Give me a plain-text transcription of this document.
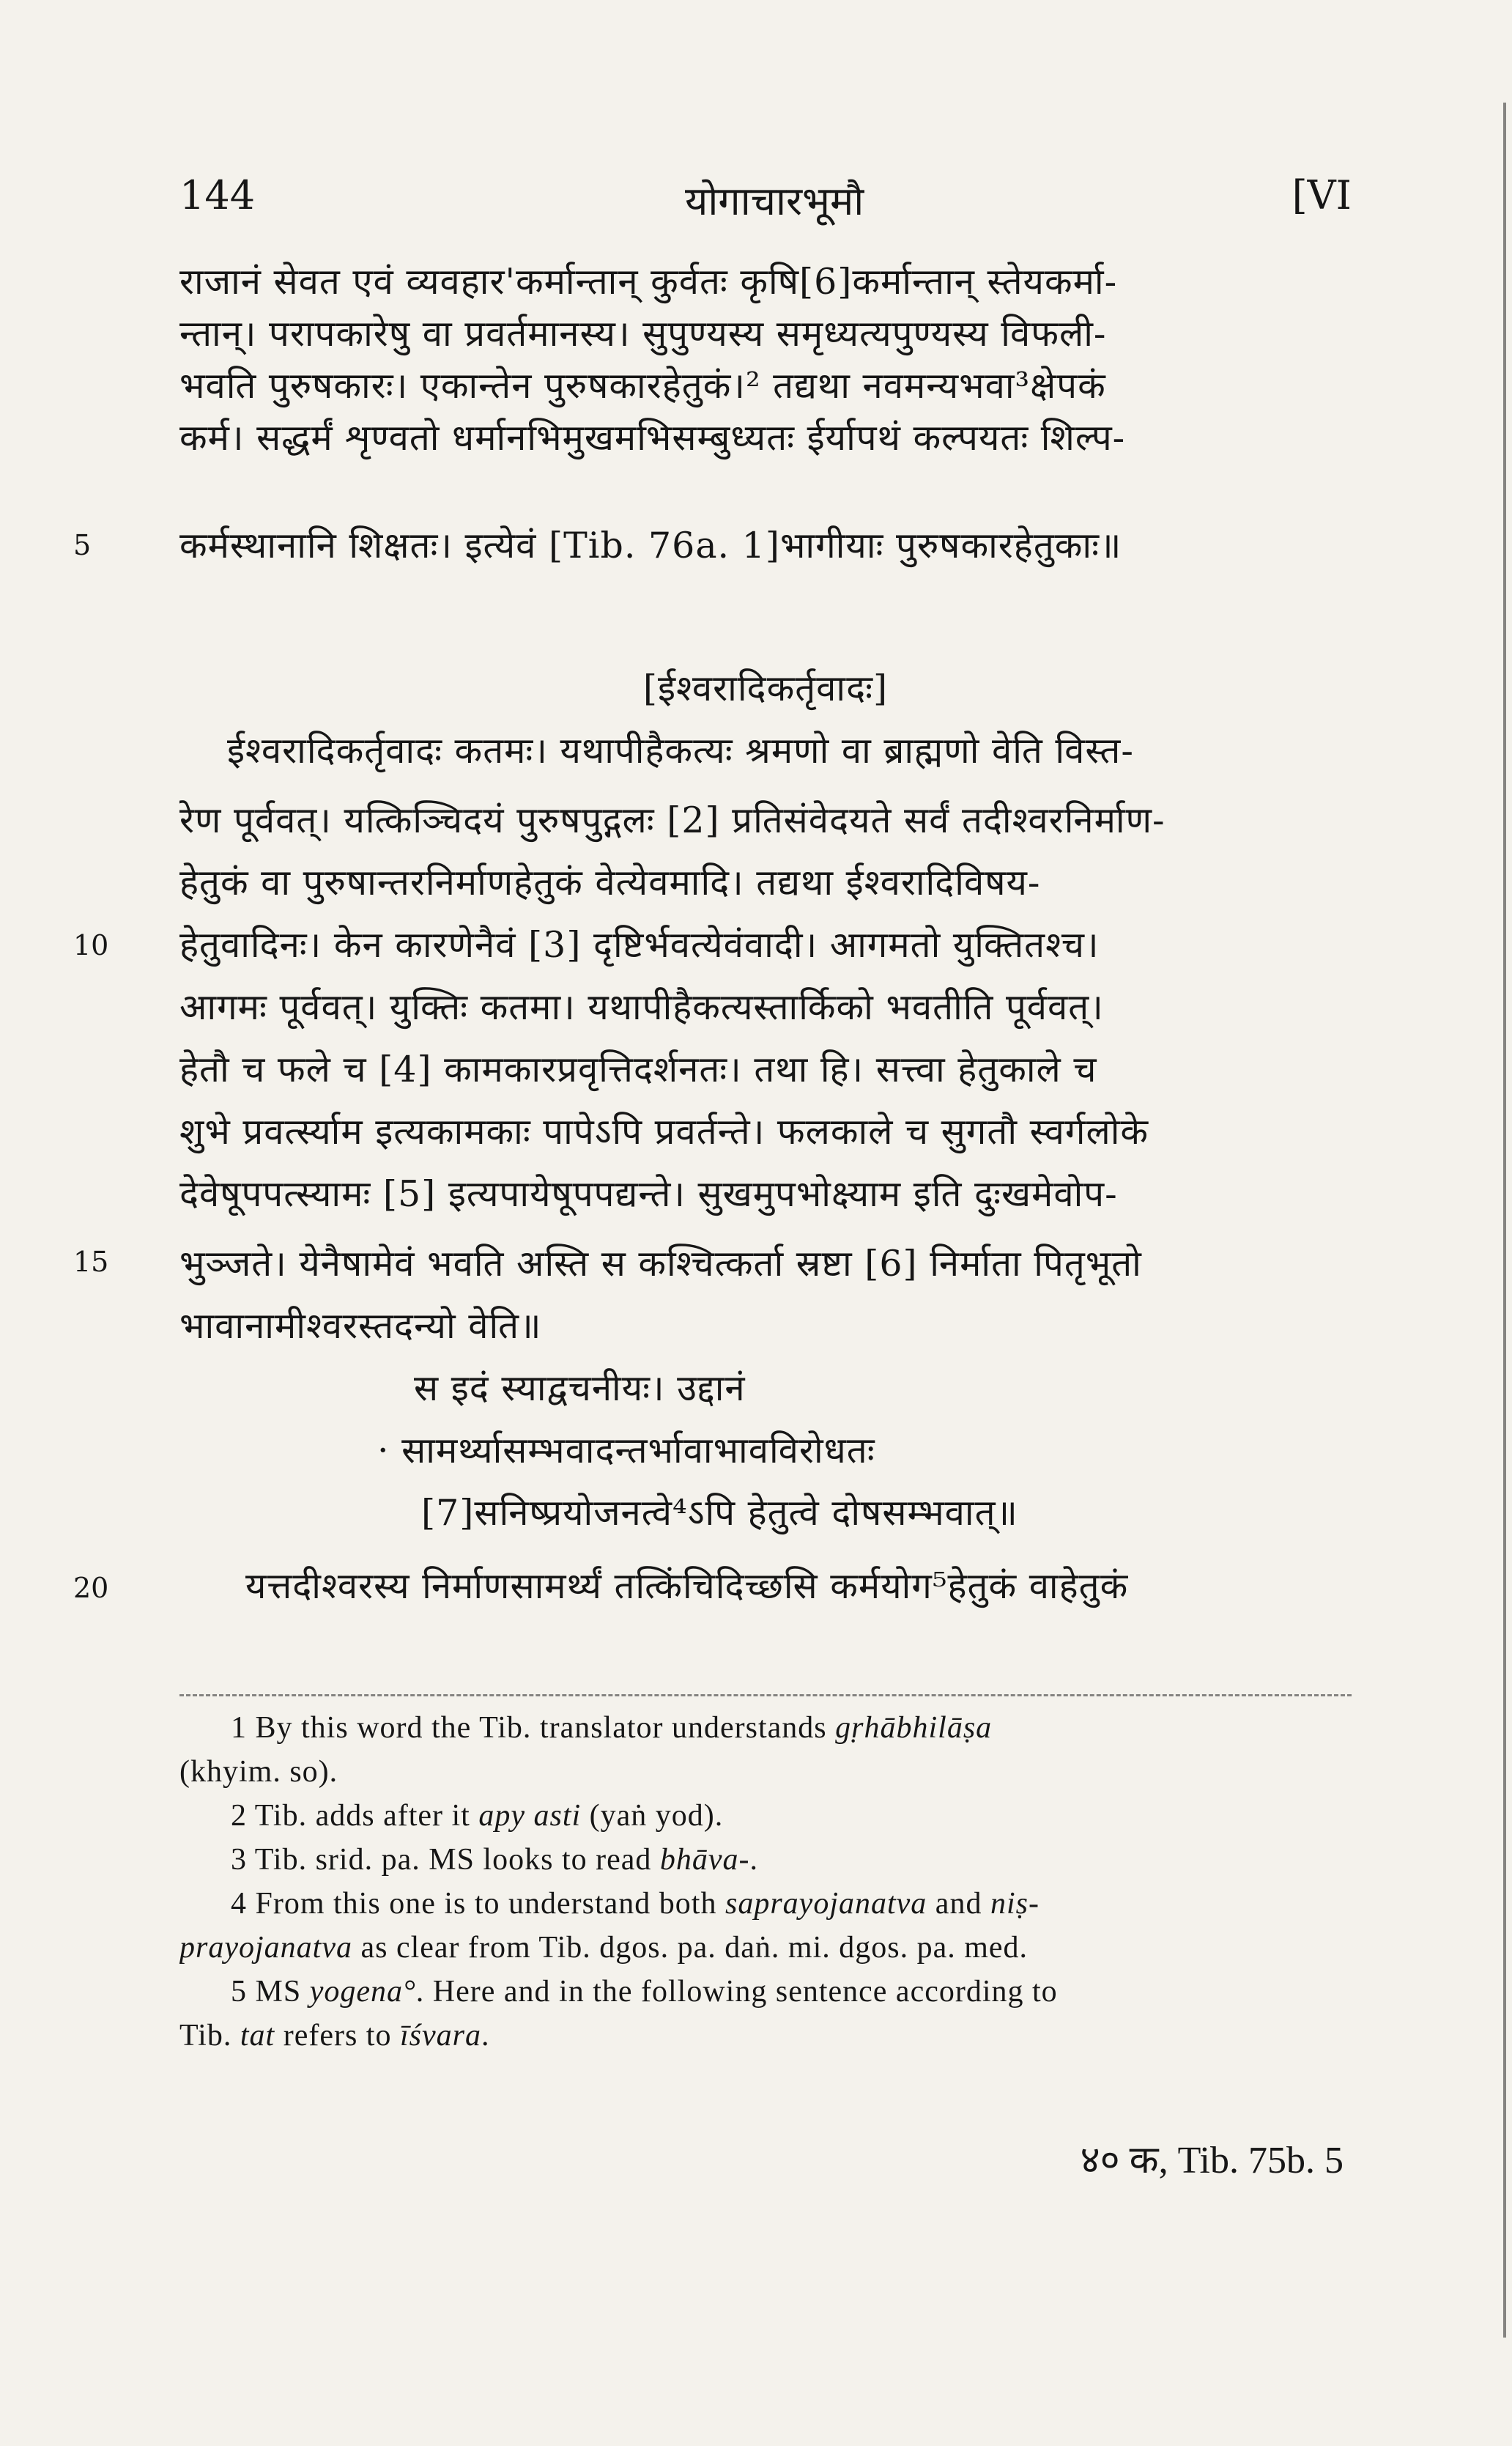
144	योगाचारभूमौ	[VI
राजानं सेवत एवं व्यवहार'कर्मान्तान् कुर्वतः कृषि[6]कर्मान्तान् स्तेयकर्मा-
न्तान्। परापकारेषु वा प्रवर्तमानस्य। सुपुण्यस्य समृध्यत्यपुण्यस्य विफली-
भवति पुरुषकारः। एकान्तेन पुरुषकारहेतुकं।² तद्यथा नवमन्यभवा³क्षेपकं
कर्म। सद्धर्मं शृण्वतो धर्मानभिमुखमभिसम्बुध्यतः ईर्यापथं कल्पयतः शिल्प-
कर्मस्थानानि शिक्षतः। इत्येवं [Tib. 76a. 1]भागीयाः पुरुषकारहेतुकाः॥
5
[ईश्वरादिकर्तृवादः]
ईश्वरादिकर्तृवादः कतमः। यथापीहैकत्यः श्रमणो वा ब्राह्मणो वेति विस्त-
रेण पूर्ववत्। यत्किञ्चिदयं पुरुषपुद्गलः [2] प्रतिसंवेदयते सर्वं तदीश्वरनिर्माण-
हेतुकं वा पुरुषान्तरनिर्माणहेतुकं वेत्येवमादि। तद्यथा ईश्वरादिविषय-
हेतुवादिनः। केन कारणेनैवं [3] दृष्टिर्भवत्येवंवादी। आगमतो युक्तितश्च।
10
आगमः पूर्ववत्। युक्तिः कतमा। यथापीहैकत्यस्तार्किको भवतीति पूर्ववत्।
हेतौ च फले च [4] कामकारप्रवृत्तिदर्शनतः। तथा हि। सत्त्वा हेतुकाले च
शुभे प्रवर्त्स्याम इत्यकामकाः पापेऽपि प्रवर्तन्ते। फलकाले च सुगतौ स्वर्गलोके
देवेषूपपत्स्यामः [5] इत्यपायेषूपपद्यन्ते। सुखमुपभोक्ष्याम इति दुःखमेवोप-
भुञ्जते। येनैषामेवं भवति अस्ति स कश्चित्कर्ता स्रष्टा [6] निर्माता पितृभूतो
15
भावानामीश्वरस्तदन्यो वेति॥
स इदं स्याद्वचनीयः। उद्दानं
· सामर्थ्यासम्भवादन्तर्भावाभावविरोधतः
[7]सनिष्प्रयोजनत्वे⁴ऽपि हेतुत्वे दोषसम्भवात्॥
यत्तदीश्वरस्य निर्माणसामर्थ्यं तत्किंचिदिच्छसि कर्मयोग⁵हेतुकं वाहेतुकं
20
1 By this word the Tib. translator understands gṛhābhilāṣa
(khyim. so).
2 Tib. adds after it apy asti (yaṅ yod).
3 Tib. srid. pa. MS looks to read bhāva-.
4 From this one is to understand both saprayojanatva and niṣ-
prayojanatva as clear from Tib. dgos. pa. daṅ. mi. dgos. pa. med.
5 MS yogena°. Here and in the following sentence according to
Tib. tat refers to īśvara.
४० क, Tib. 75b. 5
